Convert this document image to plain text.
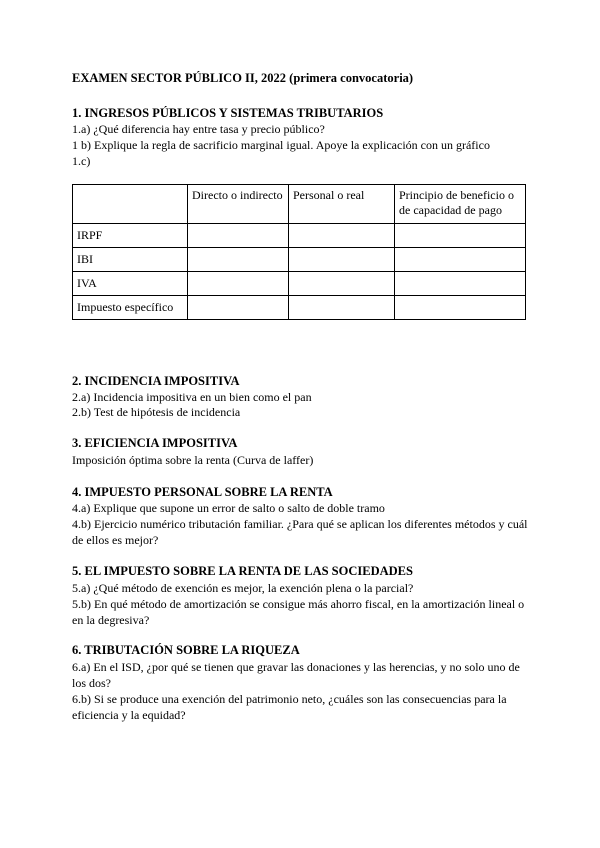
EXAMEN SECTOR PÚBLICO II, 2022 (primera convocatoria)
1. INGRESOS PÚBLICOS Y SISTEMAS TRIBUTARIOS
1.a) ¿Qué diferencia hay entre tasa y precio público?
1 b) Explique la regla de sacrificio marginal igual. Apoye la explicación con un gráfico
1.c)
	Directo o indirecto	Personal o real	Principio de beneficio o de capacidad de pago
IRPF			
IBI			
IVA			
Impuesto específico			
2. INCIDENCIA IMPOSITIVA
2.a) Incidencia impositiva en un bien como el pan
2.b) Test de hipótesis de incidencia
3. EFICIENCIA IMPOSITIVA
Imposición óptima sobre la renta (Curva de laffer)
4. IMPUESTO PERSONAL SOBRE LA RENTA
4.a) Explique que supone un error de salto o salto de doble tramo
4.b) Ejercicio numérico tributación familiar. ¿Para qué se aplican los diferentes métodos y cuál de ellos es mejor?
5. EL IMPUESTO SOBRE LA RENTA DE LAS SOCIEDADES
5.a) ¿Qué método de exención es mejor, la exención plena o la parcial?
5.b) En qué método de amortización se consigue más ahorro fiscal, en la amortización lineal o en la degresiva?
6. TRIBUTACIÓN SOBRE LA RIQUEZA
6.a) En el ISD, ¿por qué se tienen que gravar las donaciones y las herencias, y no solo uno de los dos?
6.b) Si se produce una exención del patrimonio neto, ¿cuáles son las consecuencias para la eficiencia y la equidad?
